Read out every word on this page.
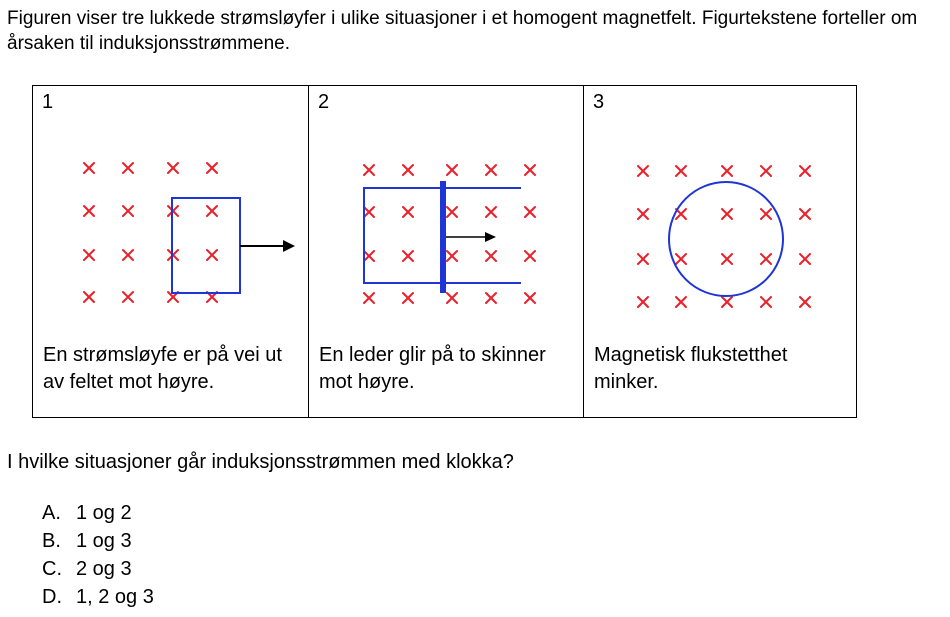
Figuren viser tre lukkede strømsløyfer i ulike situasjoner i et homogent magnetfelt. Figurtekstene forteller om årsaken til induksjonsstrømmene.

1
En strømsløyfe er på vei ut av feltet mot høyre.
2
En leder glir på to skinner mot høyre.
3
Magnetisk flukstetthet minker.

I hvilke situasjoner går induksjonsstrømmen med klokka?

A. 1 og 2
B. 1 og 3
C. 2 og 3
D. 1, 2 og 3
